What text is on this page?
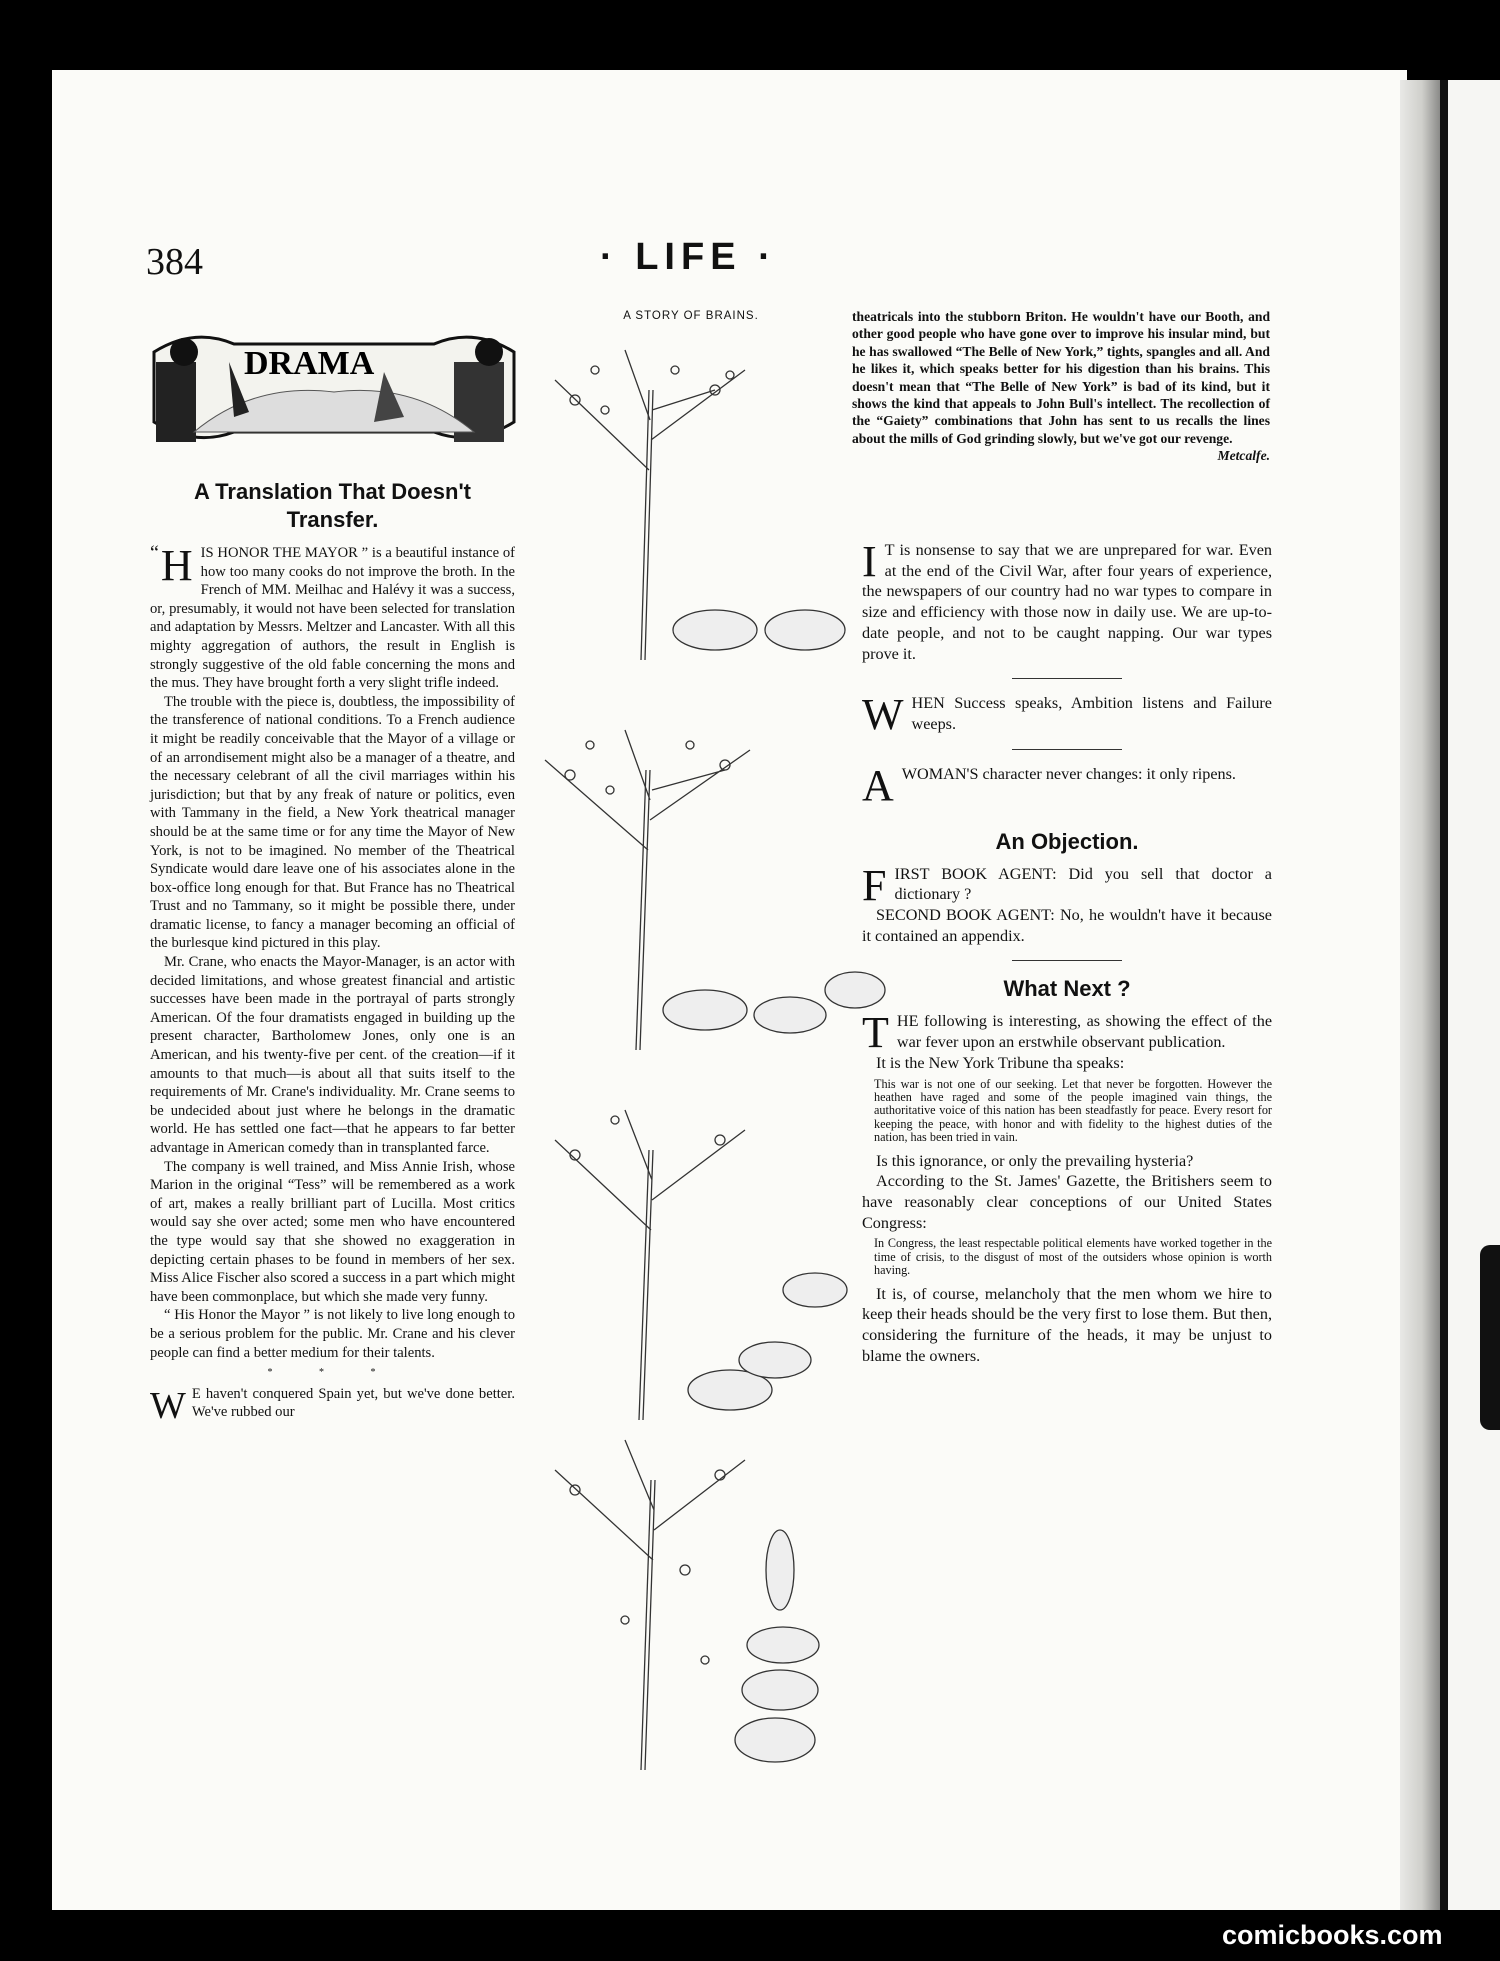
384	· LIFE ·
DRAMA
A Translation That Doesn't Transfer.

“ H IS HONOR THE MAYOR ” is a beautiful instance of how too many cooks do not improve the broth. In the French of MM. Meilhac and Halévy it was a success, or, presumably, it would not have been selected for translation and adaptation by Messrs. Meltzer and Lancaster. With all this mighty aggregation of authors, the result in English is strongly suggestive of the old fable concerning the mons and the mus. They have brought forth a very slight trifle indeed.

The trouble with the piece is, doubtless, the impossibility of the transference of national conditions. To a French audience it might be readily conceivable that the Mayor of a village or of an arrondisement might also be a manager of a theatre, and the necessary celebrant of all the civil marriages within his jurisdiction; but that by any freak of nature or politics, even with Tammany in the field, a New York theatrical manager should be at the same time or for any time the Mayor of New York, is not to be imagined. No member of the Theatrical Syndicate would dare leave one of his associates alone in the box-office long enough for that. But France has no Theatrical Trust and no Tammany, so it might be possible there, under dramatic license, to fancy a manager becoming an official of the burlesque kind pictured in this play.

Mr. Crane, who enacts the Mayor-Manager, is an actor with decided limitations, and whose greatest financial and artistic successes have been made in the portrayal of parts strongly American. Of the four dramatists engaged in building up the present character, Bartholomew Jones, only one is an American, and his twenty-five per cent. of the creation—if it amounts to that much—is about all that suits itself to the requirements of Mr. Crane's individuality. Mr. Crane seems to be undecided about just where he belongs in the dramatic world. He has settled one fact—that he appears to far better advantage in American comedy than in transplanted farce.

The company is well trained, and Miss Annie Irish, whose Marion in the original “Tess” will be remembered as a work of art, makes a really brilliant part of Lucilla. Most critics would say she over acted; some men who have encountered the type would say that she showed no exaggeration in depicting certain phases to be found in members of her sex. Miss Alice Fischer also scored a success in a part which might have been commonplace, but which she made very funny.

“ His Honor the Mayor ” is not likely to live long enough to be a serious problem for the public. Mr. Crane and his clever people can find a better medium for their talents.

* * *

W E haven't conquered Spain yet, but we've done better. We've rubbed our

A STORY OF BRAINS.	theatricals into the stubborn Briton. He wouldn't have our Booth, and other good people who have gone over to improve his insular mind, but he has swallowed “The Belle of New York,” tights, spangles and all. And he likes it, which speaks better for his digestion than his brains. This doesn't mean that “The Belle of New York” is bad of its kind, but it shows the kind that appeals to John Bull's intellect. The recollection of the “Gaiety” combinations that John has sent to us recalls the lines about the mills of God grinding slowly, but we've got our revenge.
Metcalfe.

I T is nonsense to say that we are unprepared for war. Even at the end of the Civil War, after four years of experience, the newspapers of our country had no war types to compare in size and efficiency with those now in daily use. We are up-to-date people, and not to be caught napping. Our war types prove it.

WHEN Success speaks, Ambition listens and Failure weeps.

AWOMAN'S character never changes: it only ripens.

An Objection.

FIRST BOOK AGENT: Did you sell that doctor a dictionary ?

SECOND BOOK AGENT: No, he wouldn't have it because it contained an appendix.

What Next ?

THE following is interesting, as showing the effect of the war fever upon an erstwhile observant publication.

It is the New York Tribune tha speaks:

This war is not one of our seeking. Let that never be forgotten. However the heathen have raged and some of the people imagined vain things, the authoritative voice of this nation has been steadfastly for peace. Every resort for keeping the peace, with honor and with fidelity to the highest duties of the nation, has been tried in vain.

Is this ignorance, or only the prevailing hysteria?

According to the St. James' Gazette, the Britishers seem to have reasonably clear conceptions of our United States Congress:

In Congress, the least respectable political elements have worked together in the time of crisis, to the disgust of most of the outsiders whose opinion is worth having.

It is, of course, melancholy that the men whom we hire to keep their heads should be the very first to lose them. But then, considering the furniture of the heads, it may be unjust to blame the owners.

comicbooks.com
